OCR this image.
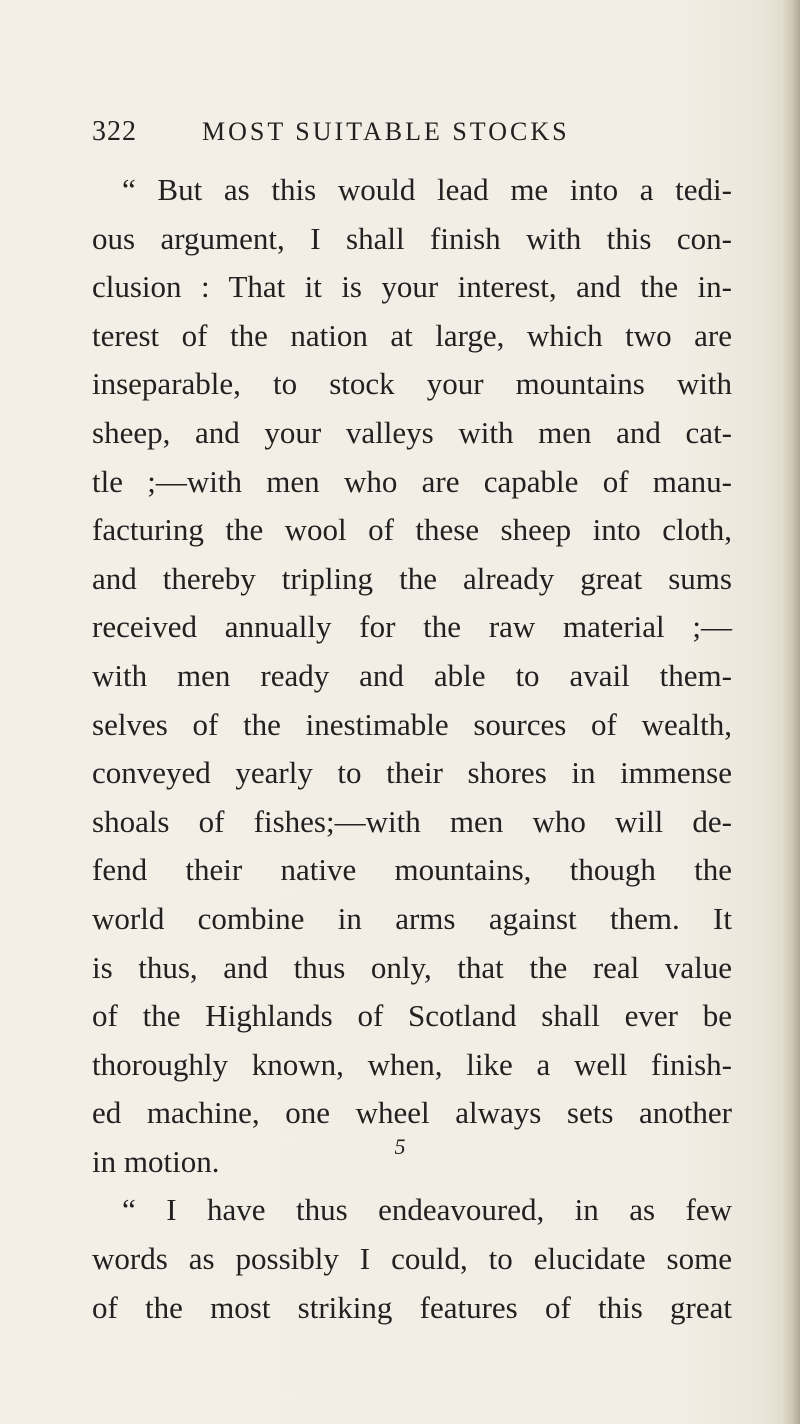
322	MOST SUITABLE STOCKS
“ But as this would lead me into a tedi-
ous argument, I shall finish with this con-
clusion : That it is your interest, and the in-
terest of the nation at large, which two are
inseparable, to stock your mountains with
sheep, and your valleys with men and cat-
tle ;—with men who are capable of manu-
facturing the wool of these sheep into cloth,
and thereby tripling the already great sums
received annually for the raw material ;—
with men ready and able to avail them-
selves of the inestimable sources of wealth,
conveyed yearly to their shores in immense
shoals of fishes;—with men who will de-
fend their native mountains, though the
world combine in arms against them. It
is thus, and thus only, that the real value
of the Highlands of Scotland shall ever be
thoroughly known, when, like a well finish-
ed machine, one wheel always sets another
in motion.
“ I have thus endeavoured, in as few
words as possibly I could, to elucidate some
of the most striking features of this great
5
